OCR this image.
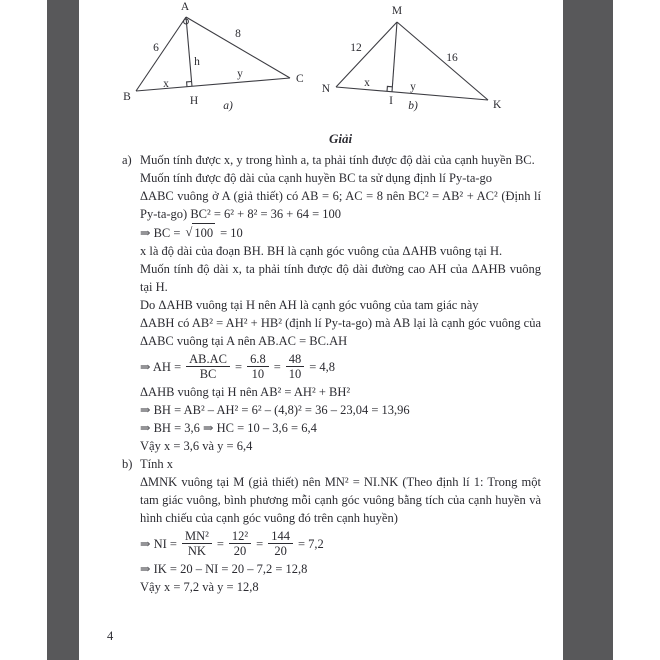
A
B
C
H
6
8
h
x
y
a)
M
N
K
I
12
16
x	y
b)
Giải
a) Muốn tính được x, y trong hình a, ta phải tính được độ dài của cạnh huyền BC.
Muốn tính được độ dài của cạnh huyền BC ta sử dụng định lí Py-ta-go
ΔABC vuông ở A (giả thiết) có AB = 6; AC = 8 nên BC² = AB² + AC² (Định lí Py-ta-go) BC² = 6² + 8² = 36 + 64 = 100
⇒ BC = √ 100 = 10
x là độ dài của đoạn BH. BH là cạnh góc vuông của ΔAHB vuông tại H.
Muốn tính độ dài x, ta phải tính được độ dài đường cao AH của ΔAHB vuông tại H.
Do ΔAHB vuông tại H nên AH là cạnh góc vuông của tam giác này
ΔABH có AB² = AH² + HB² (định lí Py-ta-go) mà AB lại là cạnh góc vuông của ΔABC vuông tại A nên AB.AC = BC.AH
⇒ AH = $\frac{AB.AC}{BC} = \frac{6.8}{10} = \frac{48}{10} = 4,8$
ΔAHB vuông tại H nên AB² = AH² + BH²
⇒ BH = AB² – AH² = 6² – (4,8)² = 36 – 23,04 = 13,96
⇒ BH = 3,6 ⇒ HC = 10 – 3,6 = 6,4
Vậy x = 3,6 và y = 6,4
b) Tính x
ΔMNK vuông tại M (giả thiết) nên MN² = NI.NK (Theo định lí 1: Trong một tam giác vuông, bình phương mỗi cạnh góc vuông bằng tích của cạnh huyền và hình chiếu của cạnh góc vuông đó trên cạnh huyền)
⇒ NI = $\frac{\text{MN²}}{NK} = \frac{\text{12²}}{20} = \frac{144}{20} = 7,2$
⇒ IK = 20 – NI = 20 – 7,2 = 12,8
Vậy x = 7,2 và y = 12,8
4
